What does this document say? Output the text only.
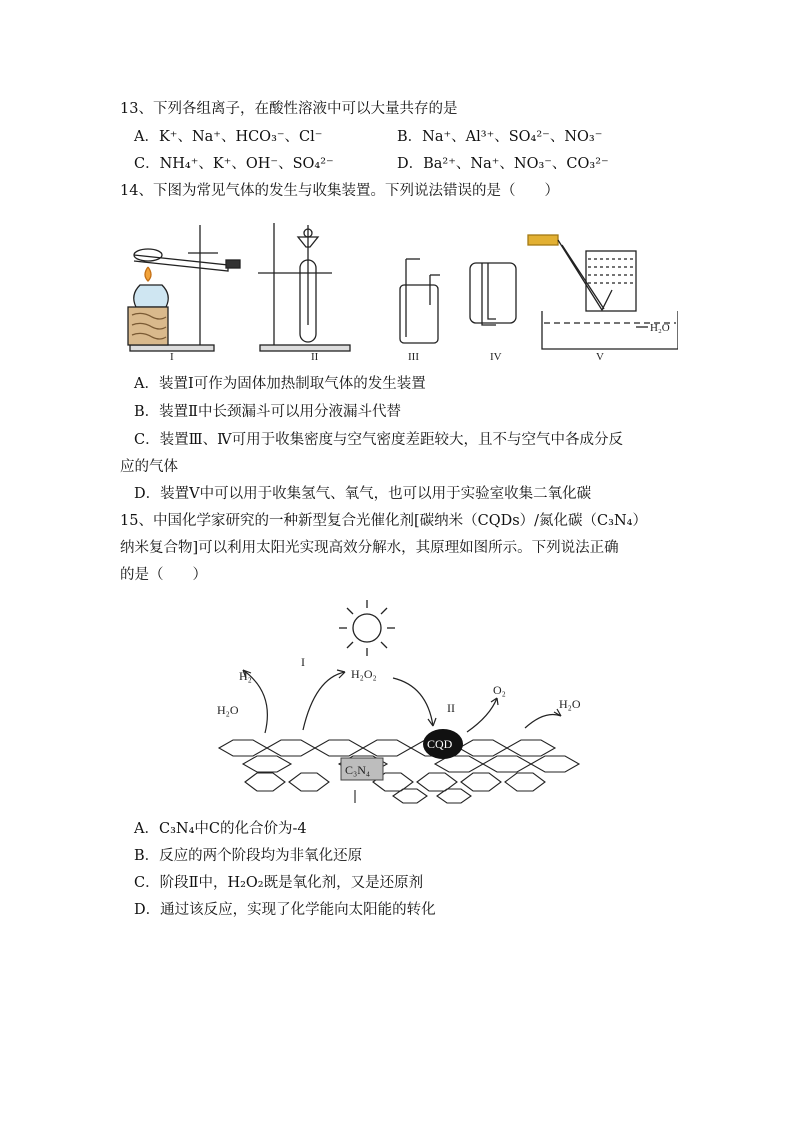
13、下列各组离子，在酸性溶液中可以大量共存的是
A．K⁺、Na⁺、HCO₃⁻、Cl⁻	B．Na⁺、Al³⁺、SO₄²⁻、NO₃⁻
C．NH₄⁺、K⁺、OH⁻、SO₄²⁻	D．Ba²⁺、Na⁺、NO₃⁻、CO₃²⁻
14、下图为常见气体的发生与收集装置。下列说法错误的是（　　）
I	II	III	IV	V
H₂O
A．装置Ⅰ可作为固体加热制取气体的发生装置
B．装置Ⅱ中长颈漏斗可以用分液漏斗代替
C．装置Ⅲ、Ⅳ可用于收集密度与空气密度差距较大，且不与空气中各成分反
应的气体
D．装置Ⅴ中可以用于收集氢气、氧气，也可以用于实验室收集二氧化碳
15、中国化学家研究的一种新型复合光催化剂[碳纳米（CQDs）/氮化碳（C₃N₄）
纳米复合物]可以利用太阳光实现高效分解水，其原理如图所示。下列说法正确
的是（　　）
C₃N₄
CQD
I
II
H₂
H₂O
H₂O₂
O₂
H₂O
A．C₃N₄中C的化合价为-4
B．反应的两个阶段均为非氧化还原
C．阶段Ⅱ中，H₂O₂既是氧化剂，又是还原剂
D．通过该反应，实现了化学能向太阳能的转化
